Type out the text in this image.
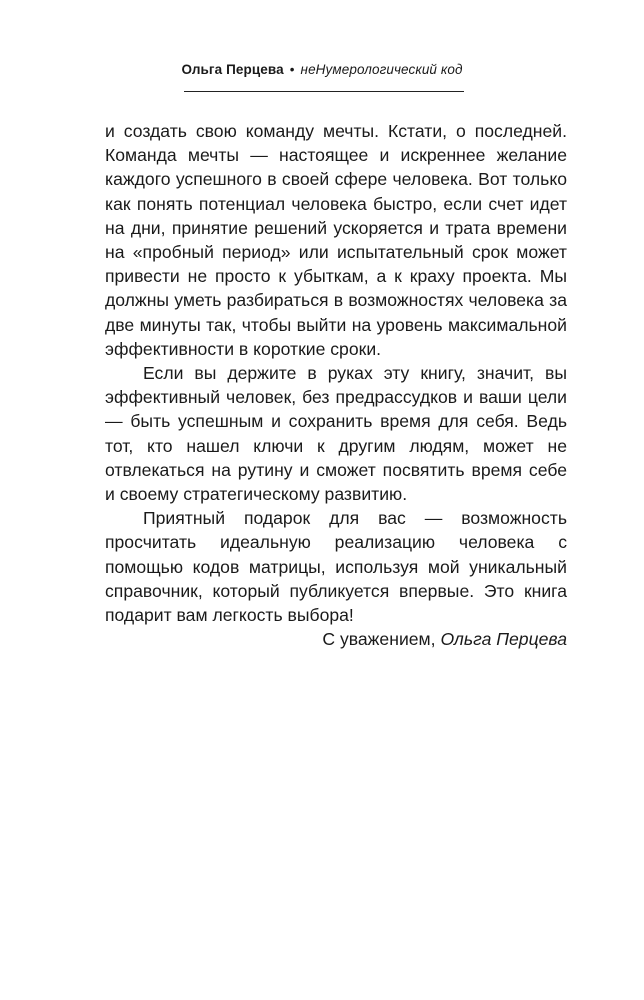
Ольга Перцева • неНумерологический код

и создать свою команду мечты. Кстати, о последней. Команда мечты — настоящее и искреннее желание каждого успешного в своей сфере человека. Вот только как понять потенциал человека быстро, если счет идет на дни, принятие решений ускоряется и трата времени на «пробный период» или испытательный срок может привести не просто к убыткам, а к краху проекта. Мы должны уметь разбираться в возможностях человека за две минуты так, чтобы выйти на уровень максимальной эффективности в короткие сроки.

Если вы держите в руках эту книгу, значит, вы эффективный человек, без предрассудков и ваши цели — быть успешным и сохранить время для себя. Ведь тот, кто нашел ключи к другим людям, может не отвлекаться на рутину и сможет посвятить время себе и своему стратегическому развитию.

Приятный подарок для вас — возможность просчитать идеальную реализацию человека с помощью кодов матрицы, используя мой уникальный справочник, который публикуется впервые. Это книга подарит вам легкость выбора!

С уважением, Ольга Перцева
